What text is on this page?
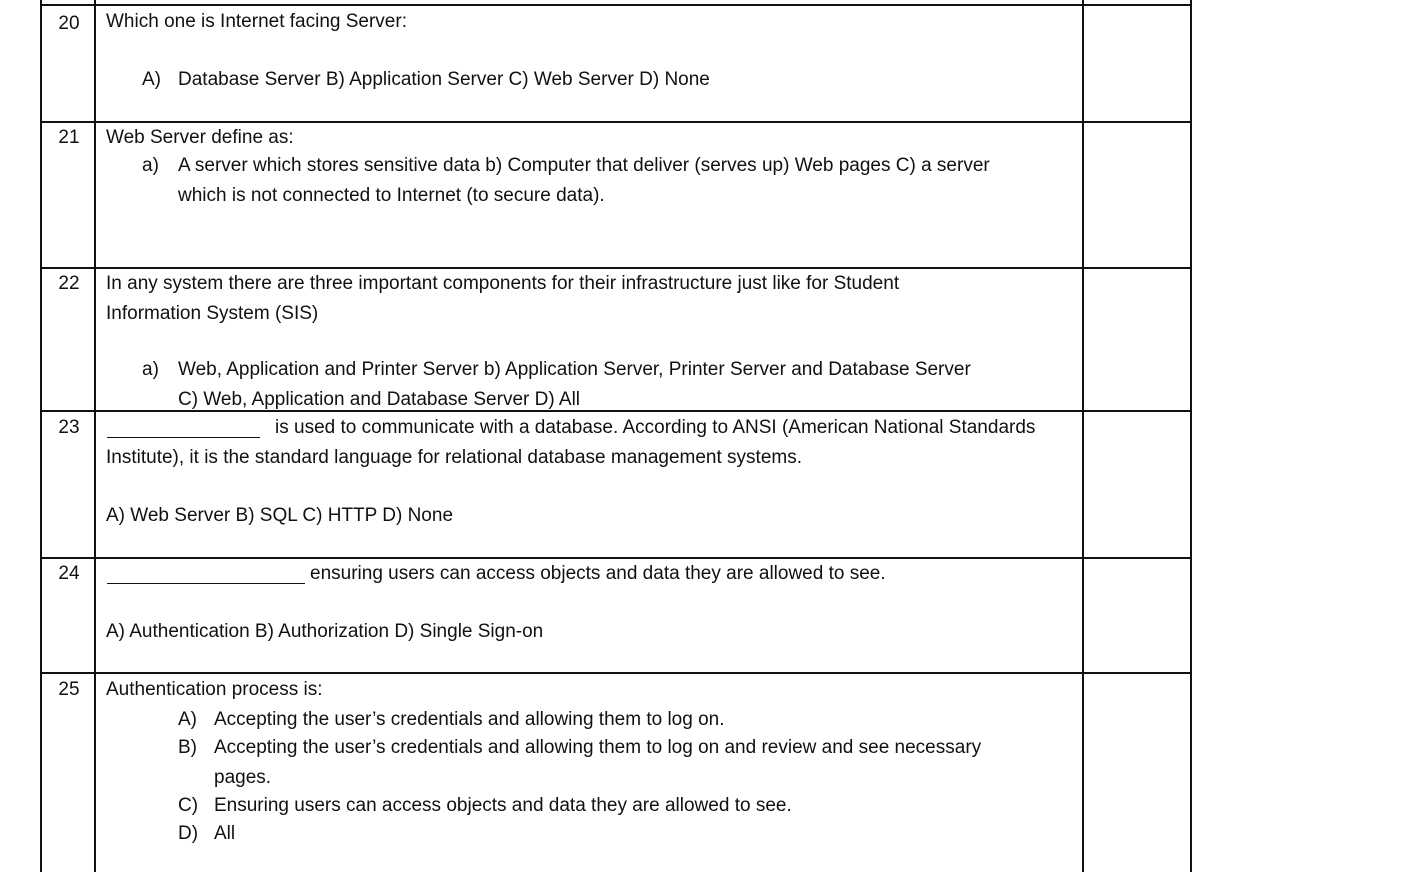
20	Which one is Internet facing Server:
A) Database Server B) Application Server C) Web Server D) None
21	Web Server define as:
a) A server which stores sensitive data b) Computer that deliver (serves up) Web pages C) a server
which is not connected to Internet (to secure data).
22	In any system there are three important components for their infrastructure just like for Student
Information System (SIS)
a) Web, Application and Printer Server b) Application Server, Printer Server and Database Server
C) Web, Application and Database Server D) All
23	is used to communicate with a database. According to ANSI (American National Standards
Institute), it is the standard language for relational database management systems.
A) Web Server B) SQL C) HTTP D) None
24	ensuring users can access objects and data they are allowed to see.
A) Authentication B) Authorization D) Single Sign-on
25	Authentication process is:
A) Accepting the user’s credentials and allowing them to log on.
B) Accepting the user’s credentials and allowing them to log on and review and see necessary
pages.
C) Ensuring users can access objects and data they are allowed to see.
D) All
